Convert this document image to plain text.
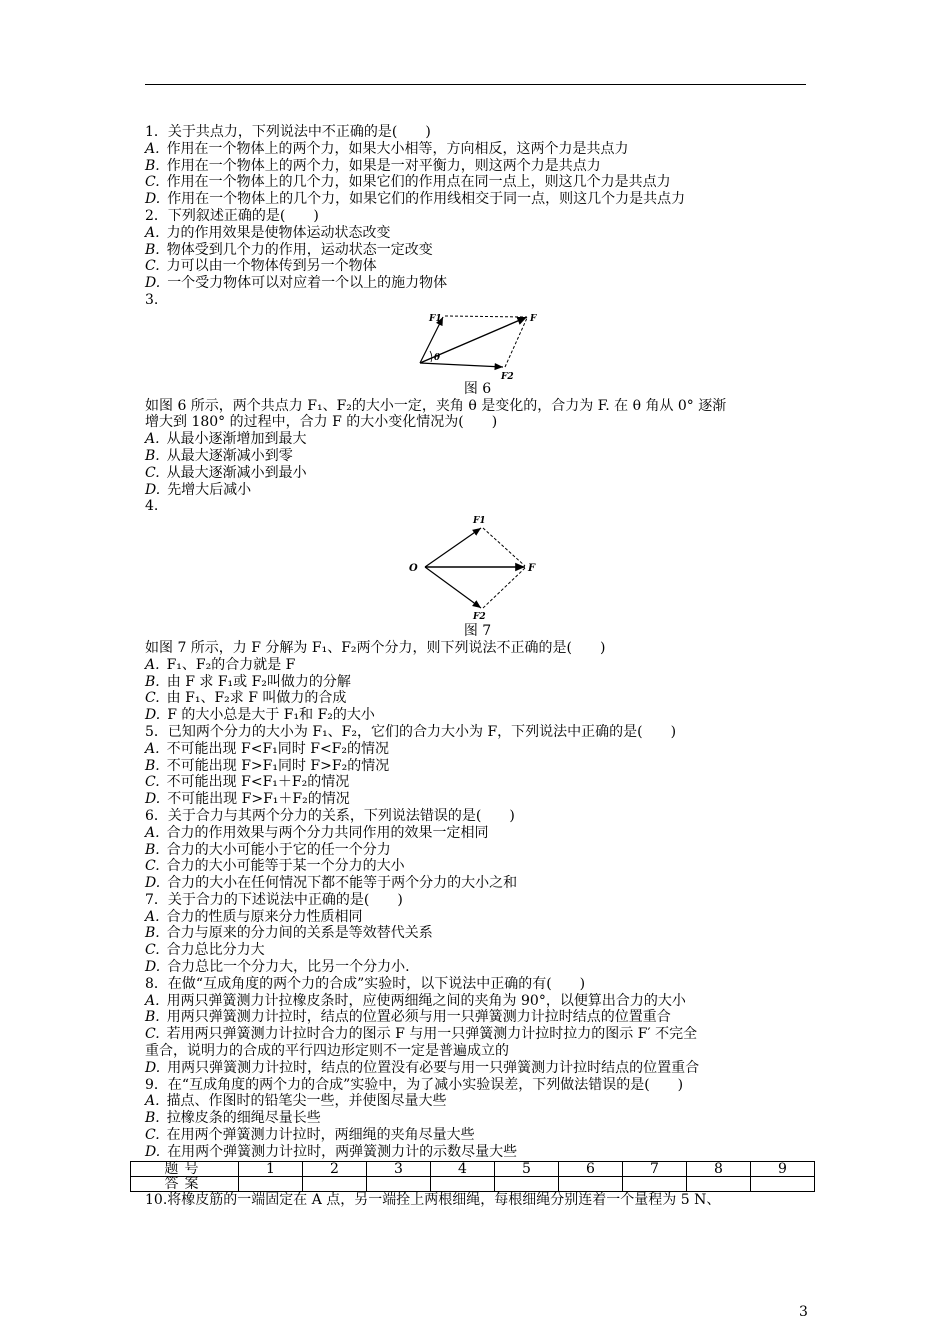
1．关于共点力，下列说法中不正确的是(　　)
A.  作用在一个物体上的两个力，如果大小相等，方向相反，这两个力是共点力
B.  作用在一个物体上的两个力，如果是一对平衡力，则这两个力是共点力
C.  作用在一个物体上的几个力，如果它们的作用点在同一点上，则这几个力是共点力
D.  作用在一个物体上的几个力，如果它们的作用线相交于同一点，则这几个力是共点力
2．下列叙述正确的是(　　)
A.  力的作用效果是使物体运动状态改变
B.  物体受到几个力的作用，运动状态一定改变
C.  力可以由一个物体传到另一个物体
D.  一个受力物体可以对应着一个以上的施力物体
3.
F1	F
F2
θ
图 6
如图 6 所示，两个共点力 F₁、F₂的大小一定，夹角 θ 是变化的，合力为 F. 在 θ 角从 0° 逐渐
增大到 180° 的过程中，合力 F 的大小变化情况为(　　)
A.  从最小逐渐增加到最大
B.  从最大逐渐减小到零
C.  从最大逐渐减小到最小
D.  先增大后减小
4.
O
F1
F
F2
图 7
如图 7 所示，力 F 分解为 F₁、F₂两个分力，则下列说法不正确的是(　　)
A.  F₁、F₂的合力就是 F
B.  由 F 求 F₁或 F₂叫做力的分解
C.  由 F₁、F₂求 F 叫做力的合成
D.  F 的大小总是大于 F₁和 F₂的大小
5．已知两个分力的大小为 F₁、F₂，它们的合力大小为 F，下列说法中正确的是(　　)
A.  不可能出现 F<F₁同时 F<F₂的情况
B.  不可能出现 F>F₁同时 F>F₂的情况
C.  不可能出现 F<F₁＋F₂的情况
D.  不可能出现 F>F₁＋F₂的情况
6．关于合力与其两个分力的关系，下列说法错误的是(　　)
A.  合力的作用效果与两个分力共同作用的效果一定相同
B.  合力的大小可能小于它的任一个分力
C.  合力的大小可能等于某一个分力的大小
D.  合力的大小在任何情况下都不能等于两个分力的大小之和
7．关于合力的下述说法中正确的是(　　)
A.  合力的性质与原来分力性质相同
B.  合力与原来的分力间的关系是等效替代关系
C.  合力总比分力大
D.  合力总比一个分力大，比另一个分力小.
8．在做“互成角度的两个力的合成”实验时，以下说法中正确的有(　　)
A.  用两只弹簧测力计拉橡皮条时，应使两细绳之间的夹角为 90°，以便算出合力的大小
B.  用两只弹簧测力计拉时，结点的位置必须与用一只弹簧测力计拉时结点的位置重合
C.  若用两只弹簧测力计拉时合力的图示 F 与用一只弹簧测力计拉时拉力的图示 F′ 不完全
重合，说明力的合成的平行四边形定则不一定是普遍成立的
D.  用两只弹簧测力计拉时，结点的位置没有必要与用一只弹簧测力计拉时结点的位置重合
9．在“互成角度的两个力的合成”实验中，为了减小实验误差，下列做法错误的是(　　)
A.  描点、作图时的铅笔尖一些，并使图尽量大些
B.  拉橡皮条的细绳尽量长些
C.  在用两个弹簧测力计拉时，两细绳的夹角尽量大些
D.  在用两个弹簧测力计拉时，两弹簧测力计的示数尽量大些
题号	1	2	3	4	5	6	7	8	9
答案									
10.将橡皮筋的一端固定在 A 点，另一端拴上两根细绳，每根细绳分别连着一个量程为 5 N、
3
